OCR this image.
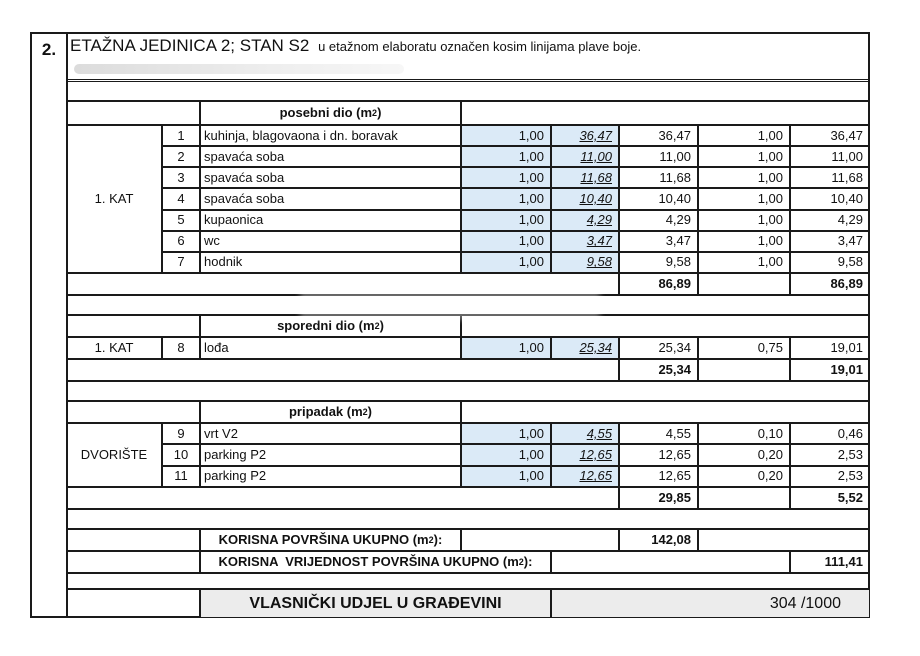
2. ETAŽNA JEDINICA 2; STAN S2 u etažnom elaboratu označen kosim linijama plave boje.
posebni dio (m 2 )
1. KAT
1	kuhinja, blagovaona i dn. boravak	1,00	36,47	36,47	1,00	36,47
2	spavaća soba	1,00	11,00	11,00	1,00	11,00
3	spavaća soba	1,00	11,68	11,68	1,00	11,68
4	spavaća soba	1,00	10,40	10,40	1,00	10,40
5	kupaonica	1,00	4,29	4,29	1,00	4,29
6	wc	1,00	3,47	3,47	1,00	3,47
7	hodnik	1,00	9,58	9,58	1,00	9,58
86,89	86,89
sporedni dio (m 2 )
1. KAT	8	lođa	1,00	25,34	25,34	0,75	19,01
25,34	19,01
pripadak (m 2 )
DVORIŠTE
9	vrt V2	1,00	4,55	4,55	0,10	0,46
10	parking P2	1,00	12,65	12,65	0,20	2,53
11	parking P2	1,00	12,65	12,65	0,20	2,53
29,85	5,52
KORISNA POVRŠINA UKUPNO (m 2 ):	142,08
KORISNA  VRIJEDNOST POVRŠINA UKUPNO (m 2 ):	111,41
VLASNIČKI UDJEL U GRAĐEVINI	304 /1000
